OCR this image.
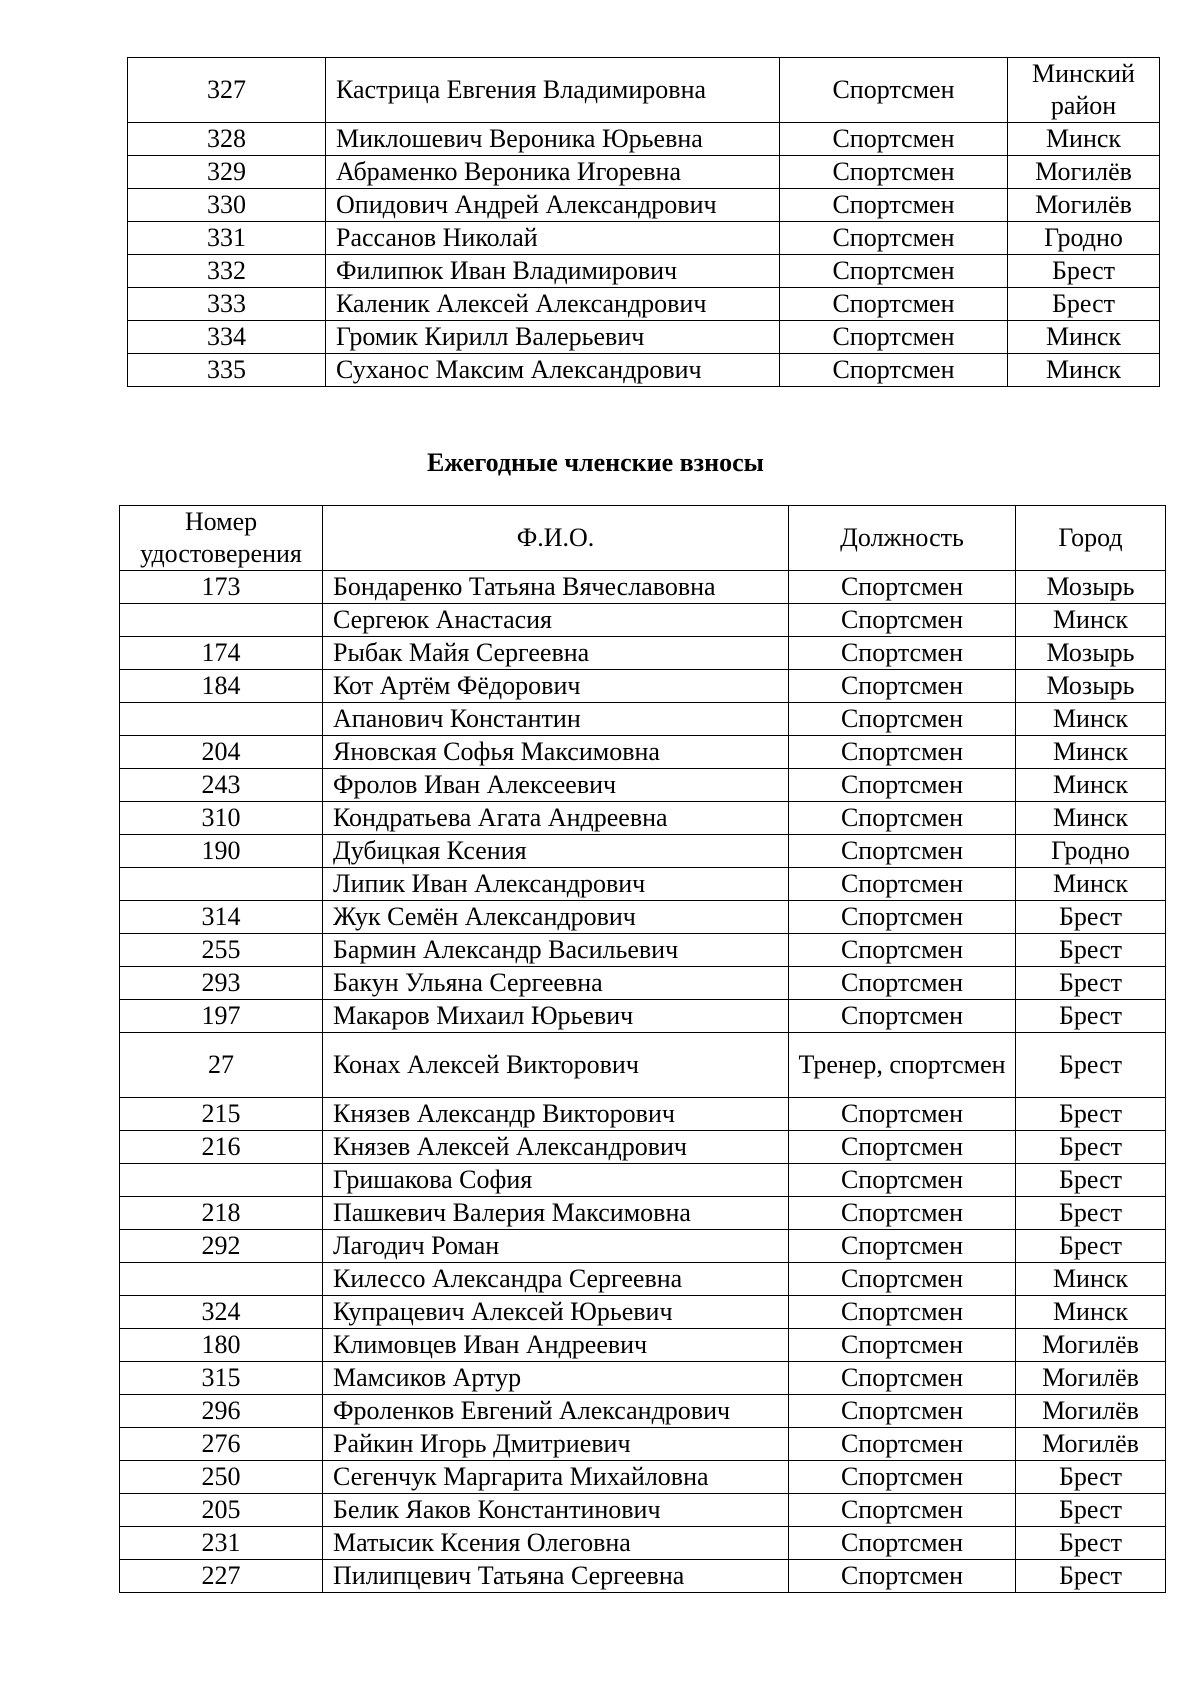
327	Кастрица Евгения Владимировна	Спортсмен	Минский район
328	Миклошевич Вероника Юрьевна	Спортсмен	Минск
329	Абраменко Вероника Игоревна	Спортсмен	Могилёв
330	Опидович Андрей Александрович	Спортсмен	Могилёв
331	Рассанов Николай	Спортсмен	Гродно
332	Филипюк Иван Владимирович	Спортсмен	Брест
333	Каленик Алексей Александрович	Спортсмен	Брест
334	Громик Кирилл Валерьевич	Спортсмен	Минск
335	Суханос Максим Александрович	Спортсмен	Минск
Ежегодные членские взносы
Номер удостоверения	Ф.И.О.	Должность	Город
173	Бондаренко Татьяна Вячеславовна	Спортсмен	Мозырь
	Сергеюк Анастасия	Спортсмен	Минск
174	Рыбак Майя Сергеевна	Спортсмен	Мозырь
184	Кот Артём Фёдорович	Спортсмен	Мозырь
	Апанович Константин	Спортсмен	Минск
204	Яновская Софья Максимовна	Спортсмен	Минск
243	Фролов Иван Алексеевич	Спортсмен	Минск
310	Кондратьева Агата Андреевна	Спортсмен	Минск
190	Дубицкая Ксения	Спортсмен	Гродно
	Липик Иван Александрович	Спортсмен	Минск
314	Жук Семён Александрович	Спортсмен	Брест
255	Бармин Александр Васильевич	Спортсмен	Брест
293	Бакун Ульяна Сергеевна	Спортсмен	Брест
197	Макаров Михаил Юрьевич	Спортсмен	Брест
27	Конах Алексей Викторович	Тренер, спортсмен	Брест
215	Князев Александр Викторович	Спортсмен	Брест
216	Князев Алексей Александрович	Спортсмен	Брест
	Гришакова София	Спортсмен	Брест
218	Пашкевич Валерия Максимовна	Спортсмен	Брест
292	Лагодич Роман	Спортсмен	Брест
	Килессо Александра Сергеевна	Спортсмен	Минск
324	Купрацевич Алексей Юрьевич	Спортсмен	Минск
180	Климовцев Иван Андреевич	Спортсмен	Могилёв
315	Мамсиков Артур	Спортсмен	Могилёв
296	Фроленков Евгений Александрович	Спортсмен	Могилёв
276	Райкин Игорь Дмитриевич	Спортсмен	Могилёв
250	Сегенчук Маргарита Михайловна	Спортсмен	Брест
205	Белик Яаков Константинович	Спортсмен	Брест
231	Матысик Ксения Олеговна	Спортсмен	Брест
227	Пилипцевич Татьяна Сергеевна	Спортсмен	Брест
